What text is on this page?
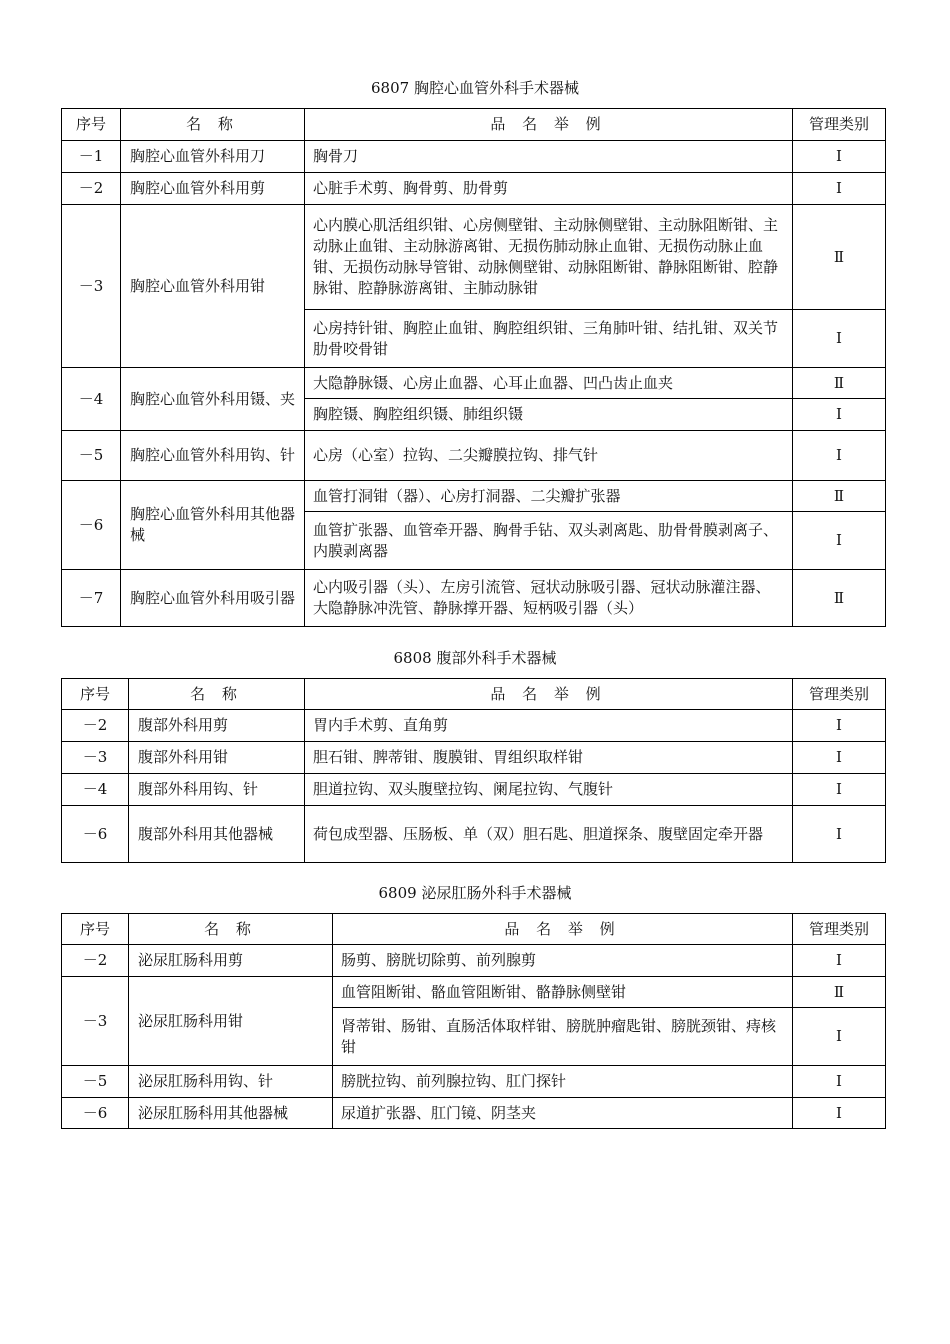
6807 胸腔心血管外科手术器械
序号	名 称	品 名 举 例	管理类别
－1	胸腔心血管外科用刀	胸骨刀	Ⅰ
－2	胸腔心血管外科用剪	心脏手术剪、胸骨剪、肋骨剪	Ⅰ
－3	胸腔心血管外科用钳	心内膜心肌活组织钳、心房侧壁钳、主动脉侧壁钳、主动脉阻断钳、主动脉止血钳、主动脉游离钳、无损伤肺动脉止血钳、无损伤动脉止血钳、无损伤动脉导管钳、动脉侧壁钳、动脉阻断钳、静脉阻断钳、腔静脉钳、腔静脉游离钳、主肺动脉钳	Ⅱ
		心房持针钳、胸腔止血钳、胸腔组织钳、三角肺叶钳、结扎钳、双关节肋骨咬骨钳	Ⅰ
－4	胸腔心血管外科用镊、夹	大隐静脉镊、心房止血器、心耳止血器、凹凸齿止血夹	Ⅱ
		胸腔镊、胸腔组织镊、肺组织镊	Ⅰ
－5	胸腔心血管外科用钩、针	心房（心室）拉钩、二尖瓣膜拉钩、排气针	Ⅰ
－6	胸腔心血管外科用其他器械	血管打洞钳（器）、心房打洞器、二尖瓣扩张器	Ⅱ
		血管扩张器、血管牵开器、胸骨手钻、双头剥离匙、肋骨骨膜剥离子、内膜剥离器	Ⅰ
－7	胸腔心血管外科用吸引器	心内吸引器（头）、左房引流管、冠状动脉吸引器、冠状动脉灌注器、大隐静脉冲洗管、静脉撑开器、短柄吸引器（头）	Ⅱ
6808 腹部外科手术器械
序号	名 称	品 名 举 例	管理类别
－2	腹部外科用剪	胃内手术剪、直角剪	Ⅰ
－3	腹部外科用钳	胆石钳、脾蒂钳、腹膜钳、胃组织取样钳	Ⅰ
－4	腹部外科用钩、针	胆道拉钩、双头腹壁拉钩、阑尾拉钩、气腹针	Ⅰ
－6	腹部外科用其他器械	荷包成型器、压肠板、单（双）胆石匙、胆道探条、腹壁固定牵开器	Ⅰ
6809 泌尿肛肠外科手术器械
序号	名 称	品 名 举 例	管理类别
－2	泌尿肛肠科用剪	肠剪、膀胱切除剪、前列腺剪	Ⅰ
－3	泌尿肛肠科用钳	血管阻断钳、骼血管阻断钳、骼静脉侧壁钳	Ⅱ
		肾蒂钳、肠钳、直肠活体取样钳、膀胱肿瘤匙钳、膀胱颈钳、痔核钳	Ⅰ
－5	泌尿肛肠科用钩、针	膀胱拉钩、前列腺拉钩、肛门探针	Ⅰ
－6	泌尿肛肠科用其他器械	尿道扩张器、肛门镜、阴茎夹	Ⅰ
